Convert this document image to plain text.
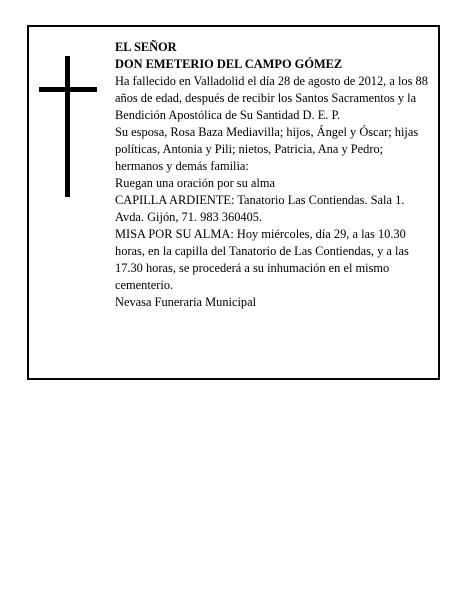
EL SEÑOR

DON EMETERIO DEL CAMPO GÓMEZ

Ha fallecido en Valladolid el día 28 de agosto de 2012, a los 88 años de edad, después de recibir los Santos Sacramentos y la Bendición Apostólica de Su Santidad D. E. P.

Su esposa, Rosa Baza Mediavilla; hijos, Ángel y Óscar; hijas políticas, Antonia y Pili; nietos, Patricia, Ana y Pedro; hermanos y demás familia:

Ruegan una oración por su alma

CAPILLA ARDIENTE: Tanatorio Las Contiendas. Sala 1. Avda. Gijón, 71. 983 360405.

MISA POR SU ALMA: Hoy miércoles, día 29, a las 10.30 horas, en la capilla del Tanatorio de Las Contiendas, y a las 17.30 horas, se procederá a su inhumación en el mismo cementerio.

Nevasa Funeraria Municipal
